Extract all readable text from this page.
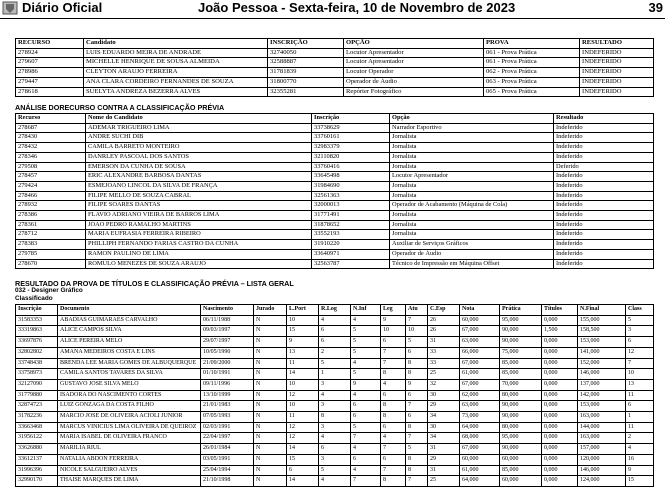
Diário Oficial	João Pessoa - Sexta-feira, 10 de Novembro de 2023	39
RECURSO	Candidato	INSCRIÇÃO	OPÇÃO	PROVA	RESULTADO
278924	LUIS EDUARDO MEIRA DE ANDRADE	32740050	Locutor Apresentador	061 - Prova Prática	INDEFERIDO
279607	MICHELLE HENRIQUE DE SOUSA ALMEIDA	32588887	Locutor Apresentador	061 - Prova Prática	INDEFERIDO
278986	CLEYTON ARAUJO FERREIRA	31781839	Locutor Operador	062 - Prova Prática	INDEFERIDO
279447	ANA CLARA CORDEIRO FERNANDES DE SOUZA	31800770	Operador de Áudio	063 - Prova Prática	INDEFERIDO
278618	SUELYTA ANDREZA BEZERRA ALVES	32355281	Repórter Fotográfico	065 - Prova Prática	INDEFERIDO
ANÁLISE DORECURSO CONTRA A CLASSIFICAÇÃO PRÉVIA
Recurso	Nome do Candidato	Inscrição	Opção	Resultado
278687	ADEMAR TRIGUEIRO LIMA	33738629	Narrador Esportivo	Indeferido
278430	ANDRE SUCHI DIB	33760161	Jornalista	Indeferido
278432	CAMILA BARRETO MONTEIRO	32983379	Jornalista	Indeferido
278346	DANRLEY PASCOAL DOS SANTOS	32110820	Jornalista	Indeferido
279508	EMERSON DA CUNHA DE SOUSA	33760416	Jornalista	Deferido
278457	ERIC ALEXANDRE BARBOSA DANTAS	33645498	Locutor Apresentador	Indeferido
279424	ESMEJOANO LINCOL DA SILVA DE FRANÇA	31984690	Jornalista	Indeferido
278466	FILIPE MELLO DE SOUZA CABRAL	32561363	Jornalista	Indeferido
278932	FILIPE SOARES DANTAS	32000013	Operador de Acabamento (Máquina de Cola)	Indeferido
278386	FLAVIO ADRIANO VIEIRA DE BARROS LIMA	31771491	Jornalista	Indeferido
278361	JOAO PEDRO RAMALHO MARTINS	31878652	Jornalista	Indeferido
278712	MARIA EUFRASIA FERREIRA RIBEIRO	33552193	Jornalista	Indeferido
278383	PHILLIPH FERNANDO FARIAS CASTRO DA CUNHA	31910220	Auxiliar de Serviços Gráficos	Indeferido
279785	RAMON PAULINO DE LIMA	33640971	Operador de Áudio	Indeferido
278670	ROMULO MENEZES DE SOUZA ARAUJO	32563787	Técnico de Impressão em Máquina Offset	Indeferido
RESULTADO DA PROVA DE TÍTULOS E CLASSIFICAÇÃO PRÉVIA – LISTA GERAL
032 - Designer Gráfico
Classificado
Inscrição	Documento	Nascimento	Jurado	L.Port	R.Log	N.Inf	Leg	Atu	C.Esp	Nota	Prática	Títulos	N.Final	Class
31583353	ABADIAS GUIMARAES CARVALHO	06/11/1988	N	10	4	4	9	7	26	60,000	95,000	0,000	155,000	5
33319863	ALICE CAMPOS SILVA	09/03/1997	N	15	6	5	10	10	26	67,000	90,000	1,500	158,500	3
33697876	ALICE PEREIRA MELO	29/07/1997	N	9	6	5	6	5	31	63,000	90,000	0,000	153,000	6
32802802	AMANA MEDEIROS COSTA E LINS	10/05/1990	N	13	2	5	7	6	33	66,000	75,000	0,000	141,000	12
33748438	BRENDA LEE MARIA GOMES DE ALBUQUERQUE	21/09/2000	N	11	5	4	7	8	33	67,000	85,000	0,000	152,000	7
33758973	CAMILA SANTOS TAVARES DA SILVA	01/10/1991	N	14	1	5	8	8	25	61,000	85,000	0,000	146,000	10
32127090	GUSTAVO JOSE SILVA MELO	09/11/1996	N	10	3	9	4	9	32	67,000	70,000	0,000	137,000	13
31779880	ISADORA DO NASCIMENTO CORTES	13/10/1999	N	12	4	4	6	6	30	62,000	80,000	0,000	142,000	11
32874723	LUIZ GONZAGA DA COSTA FILHO	21/01/1983	N	10	3	6	8	7	29	63,000	90,000	0,000	153,000	6
31782236	MARCIO JOSE DE OLIVEIRA ACIOLI JUNIOR	07/05/1993	N	11	8	6	8	6	34	73,000	90,000	0,000	163,000	1
33663468	MARCUS VINICIUS LIMA OLIVEIRA DE QUEIROZ	02/03/1991	N	12	3	5	6	8	30	64,000	80,000	0,000	144,000	11
31956122	MARIA ISABEL DE OLIVEIRA FRANCO	22/04/1997	N	12	4	7	4	7	34	68,000	95,000	0,000	163,000	2
33626880	MARILIA RIUL	26/01/1984	N	14	6	4	7	5	31	67,000	90,000	0,000	157,000	4
33612137	NATALIA ABDON FERREIRA	03/05/1991	N	15	3	6	6	8	29	60,000	60,000	0,000	120,000	16
31996396	NICOLE SALGUEIRO ALVES	25/04/1994	N	6	5	4	7	8	31	61,000	85,000	0,000	146,000	9
32990170	THAISE MARQUES DE LIMA	21/10/1998	N	14	4	7	8	7	25	64,000	60,000	0,000	124,000	15
